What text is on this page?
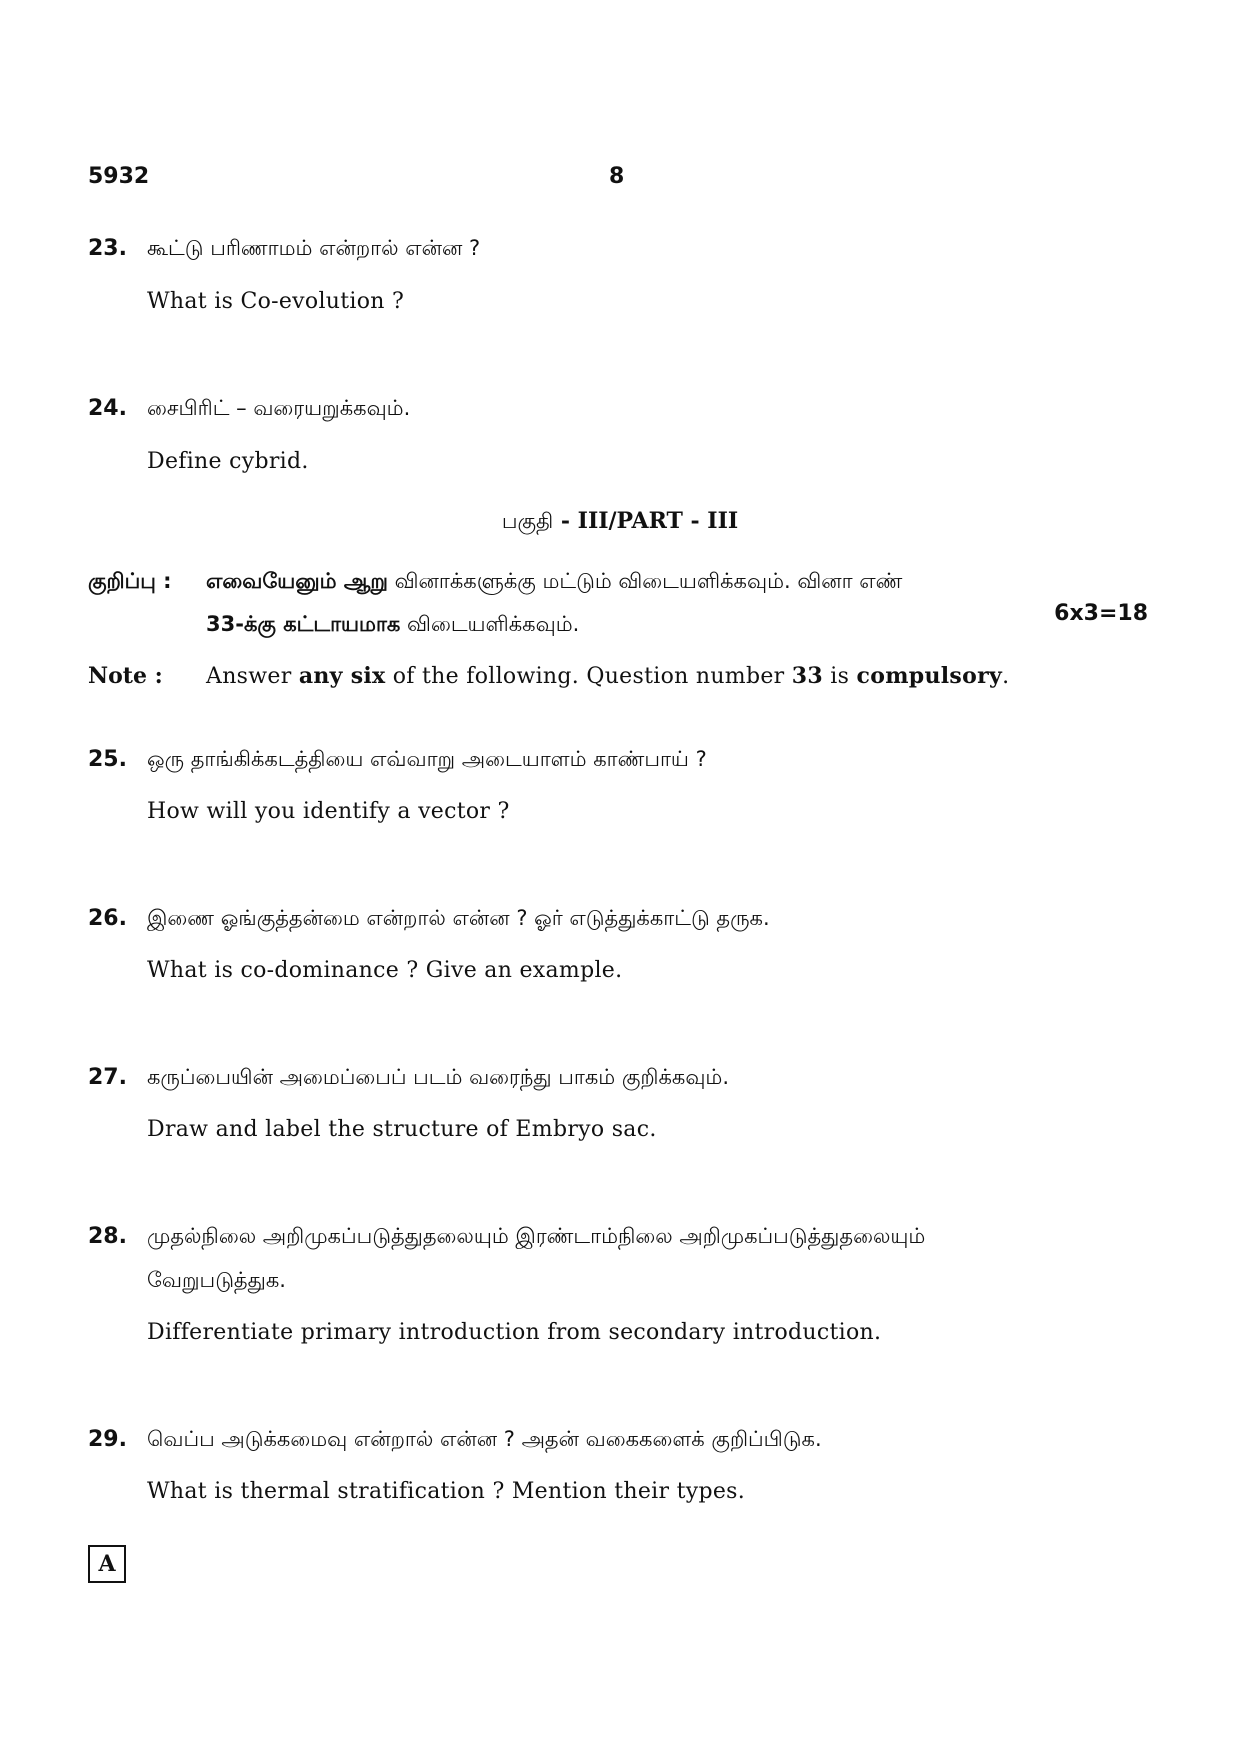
5932	8
23. கூட்டு பரிணாமம் என்றால் என்ன ?
What is Co-evolution ?
24. சைபிரிட் – வரையறுக்கவும்.
Define cybrid.
பகுதி - III/PART - III
குறிப்பு : எவையேனும் ஆறு வினாக்களுக்கு மட்டும் விடையளிக்கவும். வினா எண்
33-க்கு கட்டாயமாக விடையளிக்கவும்.	6x3=18
Note : Answer any six of the following. Question number 33 is compulsory.
25. ஒரு தாங்கிக்கடத்தியை எவ்வாறு அடையாளம் காண்பாய் ?
How will you identify a vector ?
26. இணை ஓங்குத்தன்மை என்றால் என்ன ? ஓர் எடுத்துக்காட்டு தருக.
What is co-dominance ? Give an example.
27. கருப்பையின் அமைப்பைப் படம் வரைந்து பாகம் குறிக்கவும்.
Draw and label the structure of Embryo sac.
28. முதல்நிலை அறிமுகப்படுத்துதலையும் இரண்டாம்நிலை அறிமுகப்படுத்துதலையும்
வேறுபடுத்துக.
Differentiate primary introduction from secondary introduction.
29. வெப்ப அடுக்கமைவு என்றால் என்ன ? அதன் வகைகளைக் குறிப்பிடுக.
What is thermal stratification ? Mention their types.
A
